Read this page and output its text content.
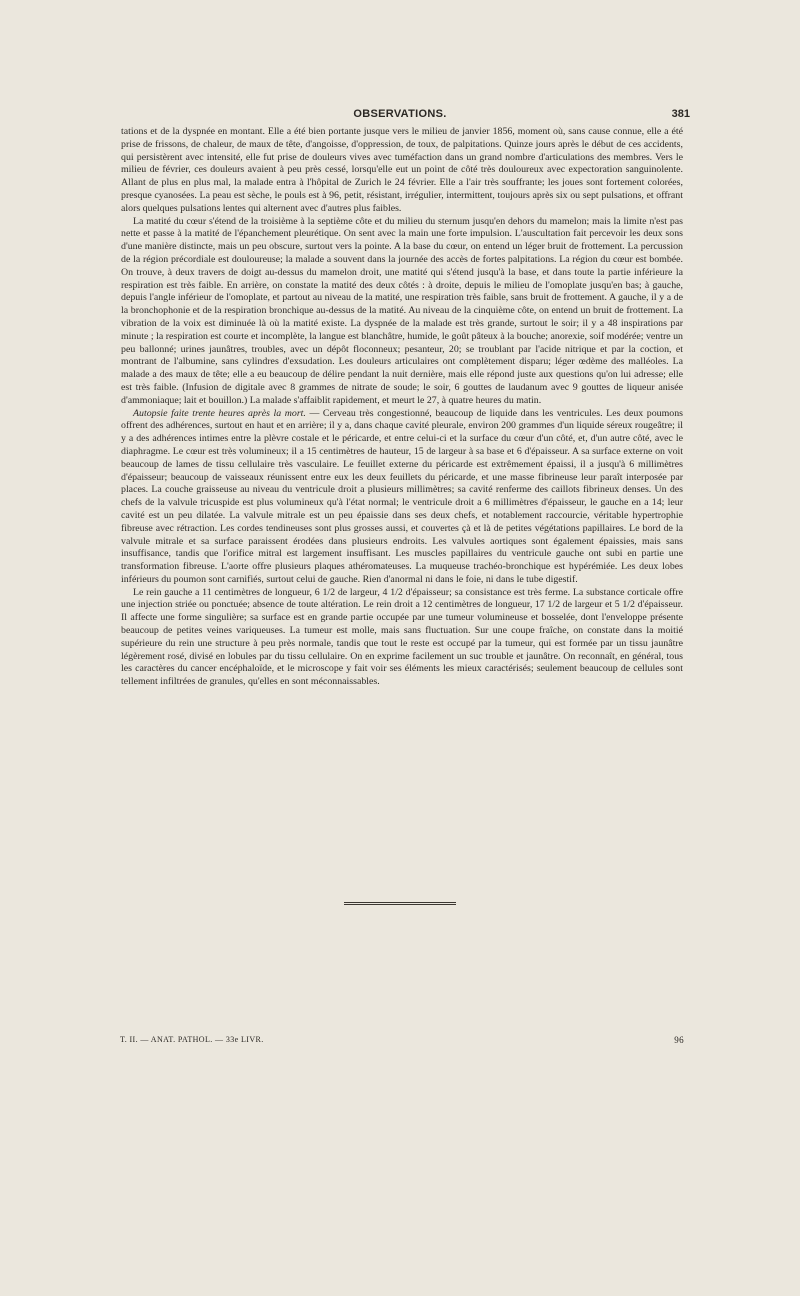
OBSERVATIONS.	381

tations et de la dyspnée en montant. Elle a été bien portante jusque vers le milieu de janvier 1856, moment où, sans cause connue, elle a été prise de frissons, de chaleur, de maux de tête, d'angoisse, d'oppression, de toux, de palpitations. Quinze jours après le début de ces accidents, qui persistèrent avec intensité, elle fut prise de douleurs vives avec tuméfaction dans un grand nombre d'articulations des membres. Vers le milieu de février, ces douleurs avaient à peu près cessé, lorsqu'elle eut un point de côté très douloureux avec expectoration sanguinolente. Allant de plus en plus mal, la malade entra à l'hôpital de Zurich le 24 février. Elle a l'air très souffrante; les joues sont fortement colorées, presque cyanosées. La peau est sèche, le pouls est à 96, petit, résistant, irrégulier, intermittent, toujours après six ou sept pulsations, et offrant alors quelques pulsations lentes qui alternent avec d'autres plus faibles.

La matité du cœur s'étend de la troisième à la septième côte et du milieu du sternum jusqu'en dehors du mamelon; mais la limite n'est pas nette et passe à la matité de l'épanchement pleurétique. On sent avec la main une forte impulsion. L'auscultation fait percevoir les deux sons d'une manière distincte, mais un peu obscure, surtout vers la pointe. A la base du cœur, on entend un léger bruit de frottement. La percussion de la région précordiale est douloureuse; la malade a souvent dans la journée des accès de fortes palpitations. La région du cœur est bombée. On trouve, à deux travers de doigt au-dessus du mamelon droit, une matité qui s'étend jusqu'à la base, et dans toute la partie inférieure la respiration est très faible. En arrière, on constate la matité des deux côtés : à droite, depuis le milieu de l'omoplate jusqu'en bas; à gauche, depuis l'angle inférieur de l'omoplate, et partout au niveau de la matité, une respiration très faible, sans bruit de frottement. A gauche, il y a de la bronchophonie et de la respiration bronchique au-dessus de la matité. Au niveau de la cinquième côte, on entend un bruit de frottement. La vibration de la voix est diminuée là où la matité existe. La dyspnée de la malade est très grande, surtout le soir; il y a 48 inspirations par minute ; la respiration est courte et incomplète, la langue est blanchâtre, humide, le goût pâteux à la bouche; anorexie, soif modérée; ventre un peu ballonné; urines jaunâtres, troubles, avec un dépôt floconneux; pesanteur, 20; se troublant par l'acide nitrique et par la coction, et montrant de l'albumine, sans cylindres d'exsudation. Les douleurs articulaires ont complètement disparu; léger œdème des malléoles. La malade a des maux de tête; elle a eu beaucoup de délire pendant la nuit dernière, mais elle répond juste aux questions qu'on lui adresse; elle est très faible. (Infusion de digitale avec 8 grammes de nitrate de soude; le soir, 6 gouttes de laudanum avec 9 gouttes de liqueur anisée d'ammoniaque; lait et bouillon.) La malade s'affaiblit rapidement, et meurt le 27, à quatre heures du matin.

Autopsie faite trente heures après la mort. — Cerveau très congestionné, beaucoup de liquide dans les ventricules. Les deux poumons offrent des adhérences, surtout en haut et en arrière; il y a, dans chaque cavité pleurale, environ 200 grammes d'un liquide séreux rougeâtre; il y a des adhérences intimes entre la plèvre costale et le péricarde, et entre celui-ci et la surface du cœur d'un côté, et, d'un autre côté, avec le diaphragme. Le cœur est très volumineux; il a 15 centimètres de hauteur, 15 de largeur à sa base et 6 d'épaisseur. A sa surface externe on voit beaucoup de lames de tissu cellulaire très vasculaire. Le feuillet externe du péricarde est extrêmement épaissi, il a jusqu'à 6 millimètres d'épaisseur; beaucoup de vaisseaux réunissent entre eux les deux feuillets du péricarde, et une masse fibrineuse leur paraît interposée par places. La couche graisseuse au niveau du ventricule droit a plusieurs millimètres; sa cavité renferme des caillots fibrineux denses. Un des chefs de la valvule tricuspide est plus volumineux qu'à l'état normal; le ventricule droit a 6 millimètres d'épaisseur, le gauche en a 14; leur cavité est un peu dilatée. La valvule mitrale est un peu épaissie dans ses deux chefs, et notablement raccourcie, véritable hypertrophie fibreuse avec rétraction. Les cordes tendineuses sont plus grosses aussi, et couvertes çà et là de petites végétations papillaires. Le bord de la valvule mitrale et sa surface paraissent érodées dans plusieurs endroits. Les valvules aortiques sont également épaissies, mais sans insuffisance, tandis que l'orifice mitral est largement insuffisant. Les muscles papillaires du ventricule gauche ont subi en partie une transformation fibreuse. L'aorte offre plusieurs plaques athéromateuses. La muqueuse trachéo-bronchique est hypérémiée. Les deux lobes inférieurs du poumon sont carnifiés, surtout celui de gauche. Rien d'anormal ni dans le foie, ni dans le tube digestif.

Le rein gauche a 11 centimètres de longueur, 6 1/2 de largeur, 4 1/2 d'épaisseur; sa consistance est très ferme. La substance corticale offre une injection striée ou ponctuée; absence de toute altération. Le rein droit a 12 centimètres de longueur, 17 1/2 de largeur et 5 1/2 d'épaisseur. Il affecte une forme singulière; sa surface est en grande partie occupée par une tumeur volumineuse et bosselée, dont l'enveloppe présente beaucoup de petites veines variqueuses. La tumeur est molle, mais sans fluctuation. Sur une coupe fraîche, on constate dans la moitié supérieure du rein une structure à peu près normale, tandis que tout le reste est occupé par la tumeur, qui est formée par un tissu jaunâtre légèrement rosé, divisé en lobules par du tissu cellulaire. On en exprime facilement un suc trouble et jaunâtre. On reconnaît, en général, tous les caractères du cancer encéphaloïde, et le microscope y fait voir ses éléments les mieux caractérisés; seulement beaucoup de cellules sont tellement infiltrées de granules, qu'elles en sont méconnaissables.

T. II. — ANAT. PATHOL. — 33e LIVR.	96
